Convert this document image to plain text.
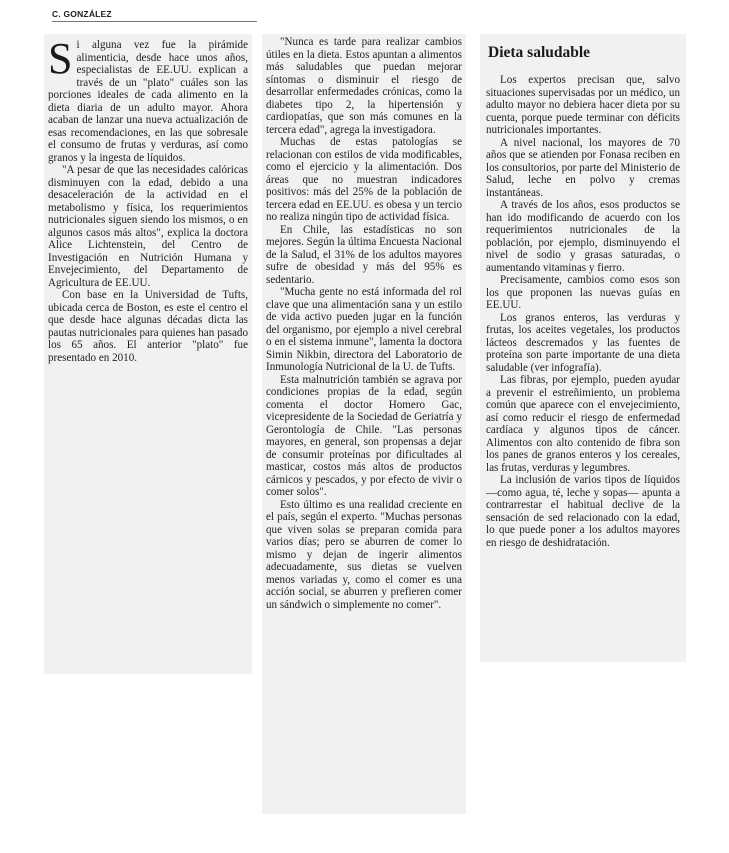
C. GONZÁLEZ
S i alguna vez fue la pirámide alimenticia, desde hace unos años, especialistas de EE.UU. explican a través de un "plato" cuáles son las porciones ideales de cada alimento en la dieta diaria de un adulto mayor. Ahora acaban de lanzar una nueva actualización de esas recomendaciones, en las que sobresale el consumo de frutas y verduras, así como granos y la ingesta de líquidos.

"A pesar de que las necesidades calóricas disminuyen con la edad, debido a una desaceleración de la actividad en el metabolismo y física, los requerimientos nutricionales siguen siendo los mismos, o en algunos casos más altos", explica la doctora Alice Lichtenstein, del Centro de Investigación en Nutrición Humana y Envejecimiento, del Departamento de Agricultura de EE.UU.

Con base en la Universidad de Tufts, ubicada cerca de Boston, es este el centro el que desde hace algunas décadas dicta las pautas nutricionales para quienes han pasado los 65 años. El anterior "plato" fue presentado en 2010.

"Nunca es tarde para realizar cambios útiles en la dieta. Estos apuntan a alimentos más saludables que puedan mejorar síntomas o disminuir el riesgo de desarrollar enfermedades crónicas, como la diabetes tipo 2, la hipertensión y cardiopatías, que son más comunes en la tercera edad", agrega la investigadora.

Muchas de estas patologías se relacionan con estilos de vida modificables, como el ejercicio y la alimentación. Dos áreas que no muestran indicadores positivos: más del 25% de la población de tercera edad en EE.UU. es obesa y un tercio no realiza ningún tipo de actividad física.

En Chile, las estadísticas no son mejores. Según la última Encuesta Nacional de la Salud, el 31% de los adultos mayores sufre de obesidad y más del 95% es sedentario.

"Mucha gente no está informada del rol clave que una alimentación sana y un estilo de vida activo pueden jugar en la función del organismo, por ejemplo a nivel cerebral o en el sistema inmune", lamenta la doctora Simin Nikbin, directora del Laboratorio de Inmunología Nutricional de la U. de Tufts.

Esta malnutrición también se agrava por condiciones propias de la edad, según comenta el doctor Homero Gac, vicepresidente de la Sociedad de Geriatría y Gerontología de Chile. "Las personas mayores, en general, son propensas a dejar de consumir proteínas por dificultades al masticar, costos más altos de productos cárnicos y pescados, y por efecto de vivir o comer solos".

Esto último es una realidad creciente en el país, según el experto. "Muchas personas que viven solas se preparan comida para varios días; pero se aburren de comer lo mismo y dejan de ingerir alimentos adecuadamente, sus dietas se vuelven menos variadas y, como el comer es una acción social, se aburren y prefieren comer un sándwich o simplemente no comer".

Dieta saludable

Los expertos precisan que, salvo situaciones supervisadas por un médico, un adulto mayor no debiera hacer dieta por su cuenta, porque puede terminar con déficits nutricionales importantes.

A nivel nacional, los mayores de 70 años que se atienden por Fonasa reciben en los consultorios, por parte del Ministerio de Salud, leche en polvo y cremas instantáneas.

A través de los años, esos productos se han ido modificando de acuerdo con los requerimientos nutricionales de la población, por ejemplo, disminuyendo el nivel de sodio y grasas saturadas, o aumentando vitaminas y fierro.

Precisamente, cambios como esos son los que proponen las nuevas guías en EE.UU.

Los granos enteros, las verduras y frutas, los aceites vegetales, los productos lácteos descremados y las fuentes de proteína son parte importante de una dieta saludable (ver infografía).

Las fibras, por ejemplo, pueden ayudar a prevenir el estreñimiento, un problema común que aparece con el envejecimiento, así como reducir el riesgo de enfermedad cardíaca y algunos tipos de cáncer. Alimentos con alto contenido de fibra son los panes de granos enteros y los cereales, las frutas, verduras y legumbres.

La inclusión de varios tipos de líquidos —como agua, té, leche y sopas— apunta a contrarrestar el habitual declive de la sensación de sed relacionado con la edad, lo que puede poner a los adultos mayores en riesgo de deshidratación.
